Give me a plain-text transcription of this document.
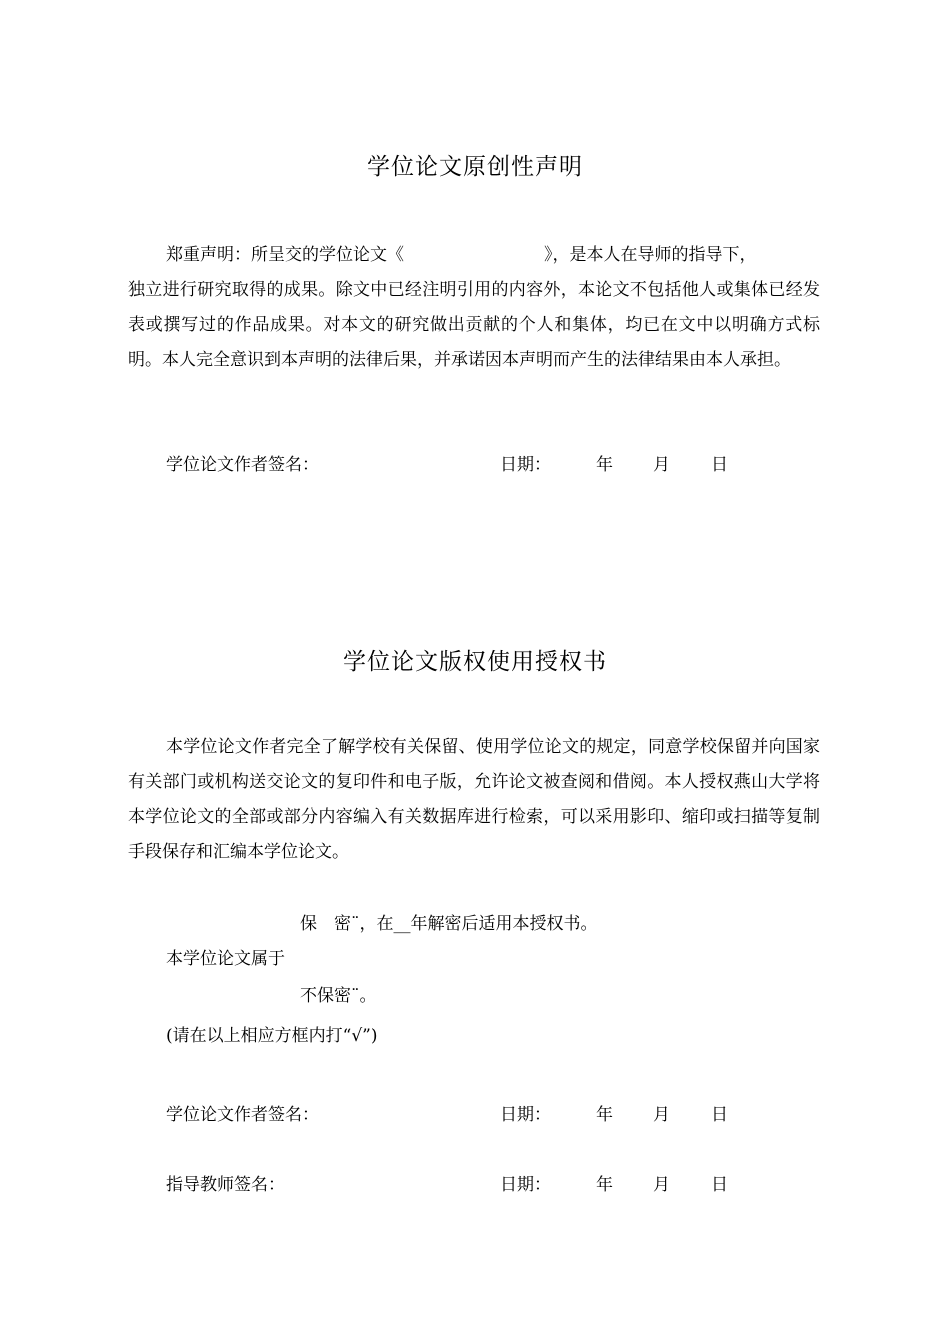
学位论文原创性声明
郑重声明：所呈交的学位论文《	》，是本人在导师的指导下，
独立进行研究取得的成果。除文中已经注明引用的内容外，本论文不包括他人或集体已经发表或撰写过的作品成果。对本文的研究做出贡献的个人和集体，均已在文中以明确方式标明。本人完全意识到本声明的法律后果，并承诺因本声明而产生的法律结果由本人承担。
学位论文作者签名：	日期：	年 月 日
学位论文版权使用授权书
本学位论文作者完全了解学校有关保留、使用学位论文的规定，同意学校保留并向国家有关部门或机构送交论文的复印件和电子版，允许论文被查阅和借阅。本人授权燕山大学将本学位论文的全部或部分内容编入有关数据库进行检索，可以采用影印、缩印或扫描等复制手段保存和汇编本学位论文。
保　密¨，在__年解密后适用本授权书。
本学位论文属于
不保密¨。
(请在以上相应方框内打“√”)
学位论文作者签名：	日期：	年 月 日
指导教师签名：	日期：	年 月 日
